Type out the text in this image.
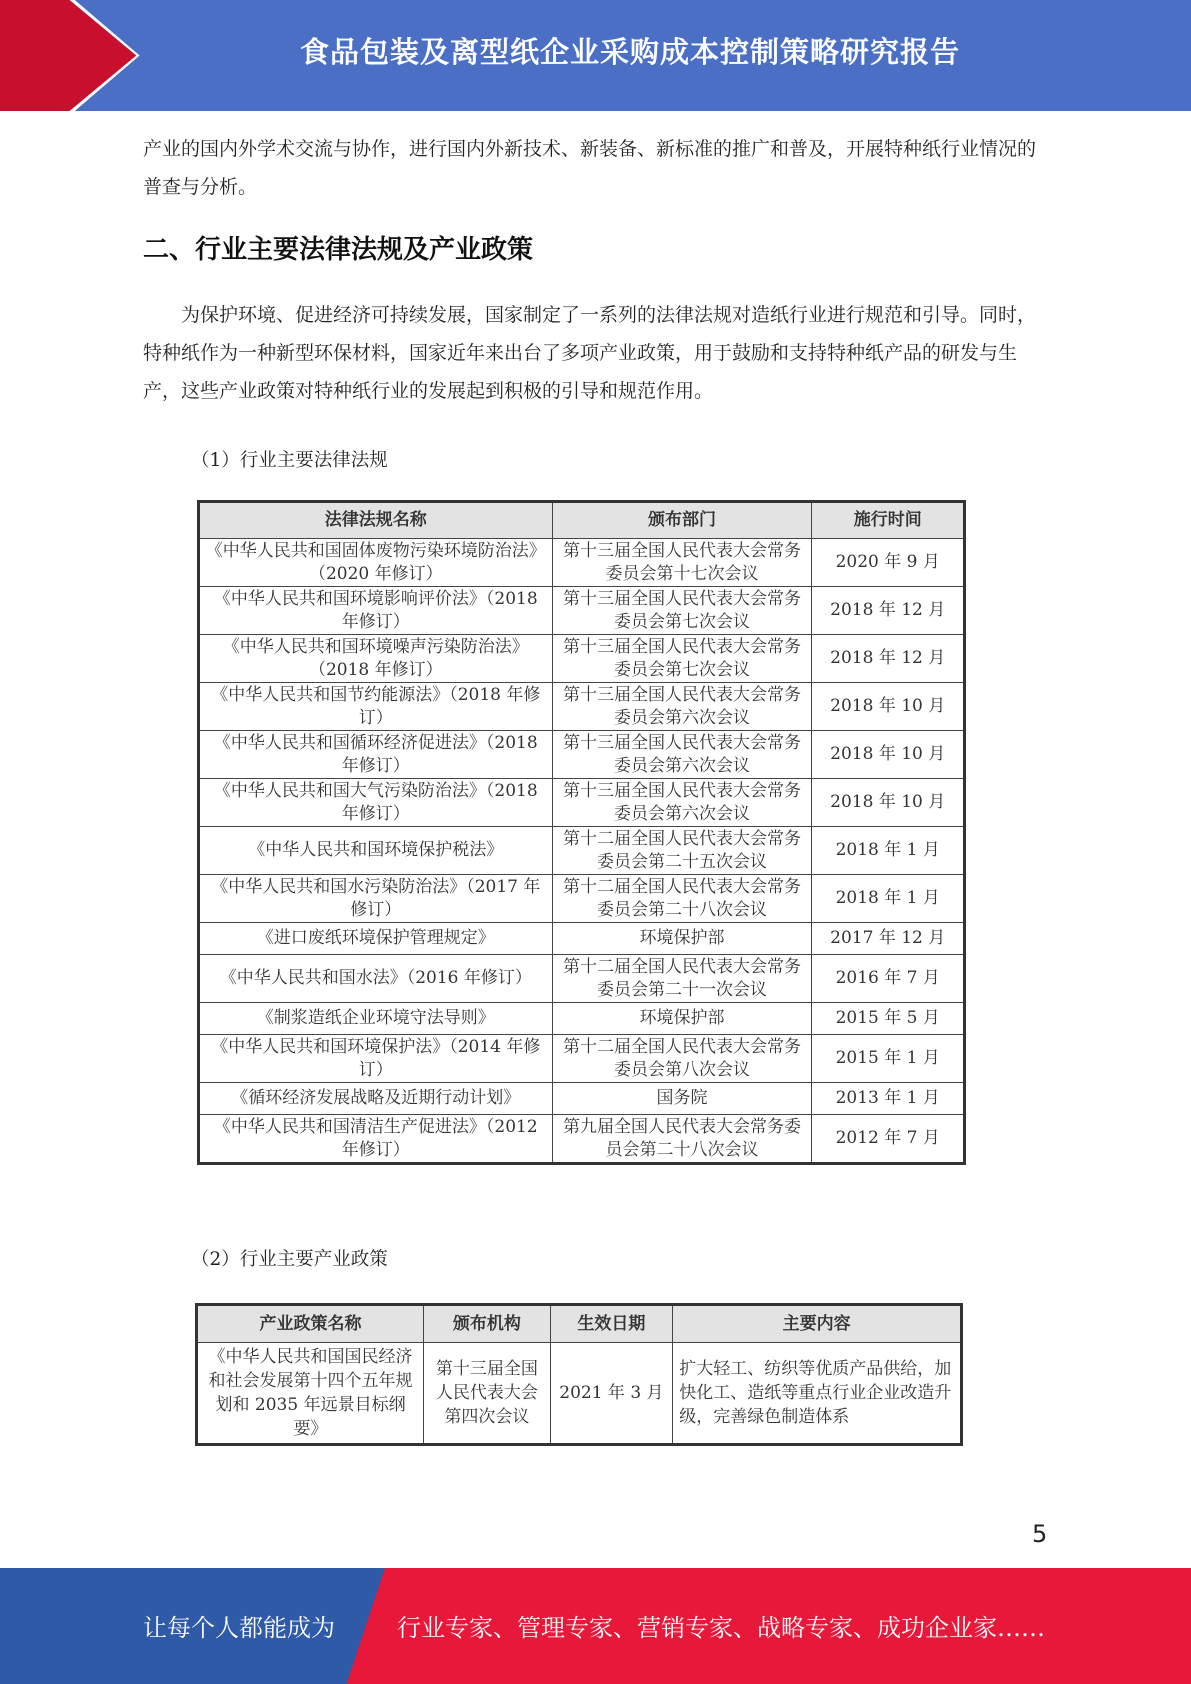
食品包装及离型纸企业采购成本控制策略研究报告

产业的国内外学术交流与协作，进行国内外新技术、新装备、新标准的推广和普及，开展特种纸行业情况的普查与分析。

二、行业主要法律法规及产业政策

为保护环境、促进经济可持续发展，国家制定了一系列的法律法规对造纸行业进行规范和引导。同时，特种纸作为一种新型环保材料，国家近年来出台了多项产业政策，用于鼓励和支持特种纸产品的研发与生产，这些产业政策对特种纸行业的发展起到积极的引导和规范作用。

（1）行业主要法律法规

法律法规名称	颁布部门	施行时间
《中华人民共和国固体废物污染环境防治法》（2020 年修订）	第十三届全国人民代表大会常务委员会第十七次会议	2020 年 9 月
《中华人民共和国环境影响评价法》（2018 年修订）	第十三届全国人民代表大会常务委员会第七次会议	2018 年 12 月
《中华人民共和国环境噪声污染防治法》（2018 年修订）	第十三届全国人民代表大会常务委员会第七次会议	2018 年 12 月
《中华人民共和国节约能源法》（2018 年修订）	第十三届全国人民代表大会常务委员会第六次会议	2018 年 10 月
《中华人民共和国循环经济促进法》（2018 年修订）	第十三届全国人民代表大会常务委员会第六次会议	2018 年 10 月
《中华人民共和国大气污染防治法》（2018 年修订）	第十三届全国人民代表大会常务委员会第六次会议	2018 年 10 月
《中华人民共和国环境保护税法》	第十二届全国人民代表大会常务委员会第二十五次会议	2018 年 1 月
《中华人民共和国水污染防治法》（2017 年修订）	第十二届全国人民代表大会常务委员会第二十八次会议	2018 年 1 月
《进口废纸环境保护管理规定》	环境保护部	2017 年 12 月
《中华人民共和国水法》（2016 年修订）	第十二届全国人民代表大会常务委员会第二十一次会议	2016 年 7 月
《制浆造纸企业环境守法导则》	环境保护部	2015 年 5 月
《中华人民共和国环境保护法》（2014 年修订）	第十二届全国人民代表大会常务委员会第八次会议	2015 年 1 月
《循环经济发展战略及近期行动计划》	国务院	2013 年 1 月
《中华人民共和国清洁生产促进法》（2012 年修订）	第九届全国人民代表大会常务委员会第二十八次会议	2012 年 7 月

（2）行业主要产业政策

产业政策名称	颁布机构	生效日期	主要内容
《中华人民共和国国民经济和社会发展第十四个五年规划和 2035 年远景目标纲要》	第十三届全国人民代表大会第四次会议	2021 年 3 月	扩大轻工、纺织等优质产品供给，加快化工、造纸等重点行业企业改造升级，完善绿色制造体系
5
让每个人都能成为	行业专家、管理专家、营销专家、战略专家、成功企业家……
